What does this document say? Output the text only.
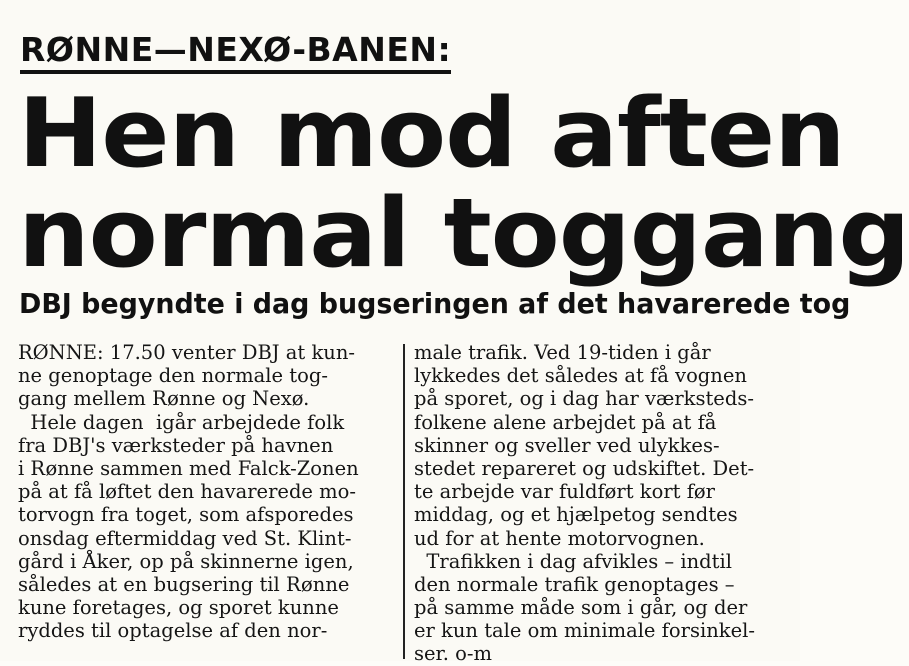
RØNNE—NEXØ-BANEN:
Hen mod aften
normal toggang
DBJ begyndte i dag bugseringen af det havarerede tog
RØNNE: 17.50 venter DBJ at kun-
ne genoptage den normale tog-
gang mellem Rønne og Nexø.
Hele dagen  igår arbejdede folk
fra DBJ's værksteder på havnen
i Rønne sammen med Falck-Zonen
på at få løftet den havarerede mo-
torvogn fra toget, som afsporedes
onsdag eftermiddag ved St. Klint-
gård i Åker, op på skinnerne igen,
således at en bugsering til Rønne
kune foretages, og sporet kunne
ryddes til optagelse af den nor-
male trafik. Ved 19-tiden i går
lykkedes det således at få vognen
på sporet, og i dag har værksteds-
folkene alene arbejdet på at få
skinner og sveller ved ulykkes-
stedet repareret og udskiftet. Det-
te arbejde var fuldført kort før
middag, og et hjælpetog sendtes
ud for at hente motorvognen.
Trafikken i dag afvikles – indtil
den normale trafik genoptages –
på samme måde som i går, og der
er kun tale om minimale forsinkel-
ser. o-m
